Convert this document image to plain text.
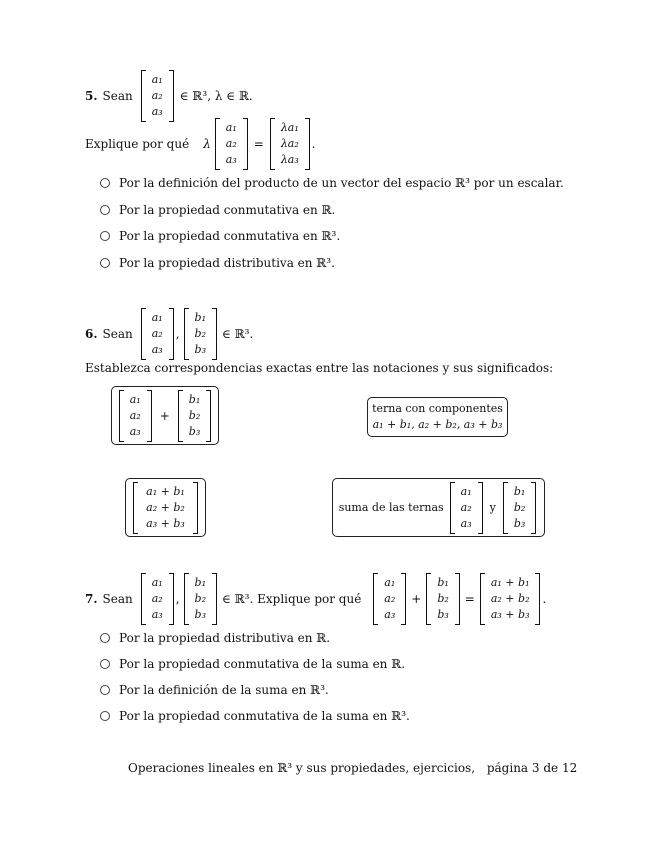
5. Sean
a₁
a₂
a₃
∈ ℝ³, λ ∈ ℝ.
Explique por qué λ
a₁
a₂
a₃
=
λa₁
λa₂
λa₃
.
Por la definición del producto de un vector del espacio ℝ³ por un escalar.
Por la propiedad conmutativa en ℝ.
Por la propiedad conmutativa en ℝ³.
Por la propiedad distributiva en ℝ³.
6. Sean
a₁
a₂
a₃
,
b₁
b₂
b₃
∈ ℝ³.
Establezca correspondencias exactas entre las notaciones y sus significados:
a₁
a₂
a₃
+
b₁
b₂
b₃
terna con componentes
a₁ + b₁, a₂ + b₂, a₃ + b₃
a₁ + b₁
a₂ + b₂
a₃ + b₃
suma de las ternas
a₁
a₂
a₃
y
b₁
b₂
b₃
7. Sean
a₁
a₂
a₃
,
b₁
b₂
b₃
∈ ℝ³. Explique por qué
a₁
a₂
a₃
+
b₁
b₂
b₃
=
a₁ + b₁
a₂ + b₂
a₃ + b₃
.
Por la propiedad distributiva en ℝ.
Por la propiedad conmutativa de la suma en ℝ.
Por la definición de la suma en ℝ³.
Por la propiedad conmutativa de la suma en ℝ³.
Operaciones lineales en ℝ³ y sus propiedades, ejercicios, página 3 de 12
